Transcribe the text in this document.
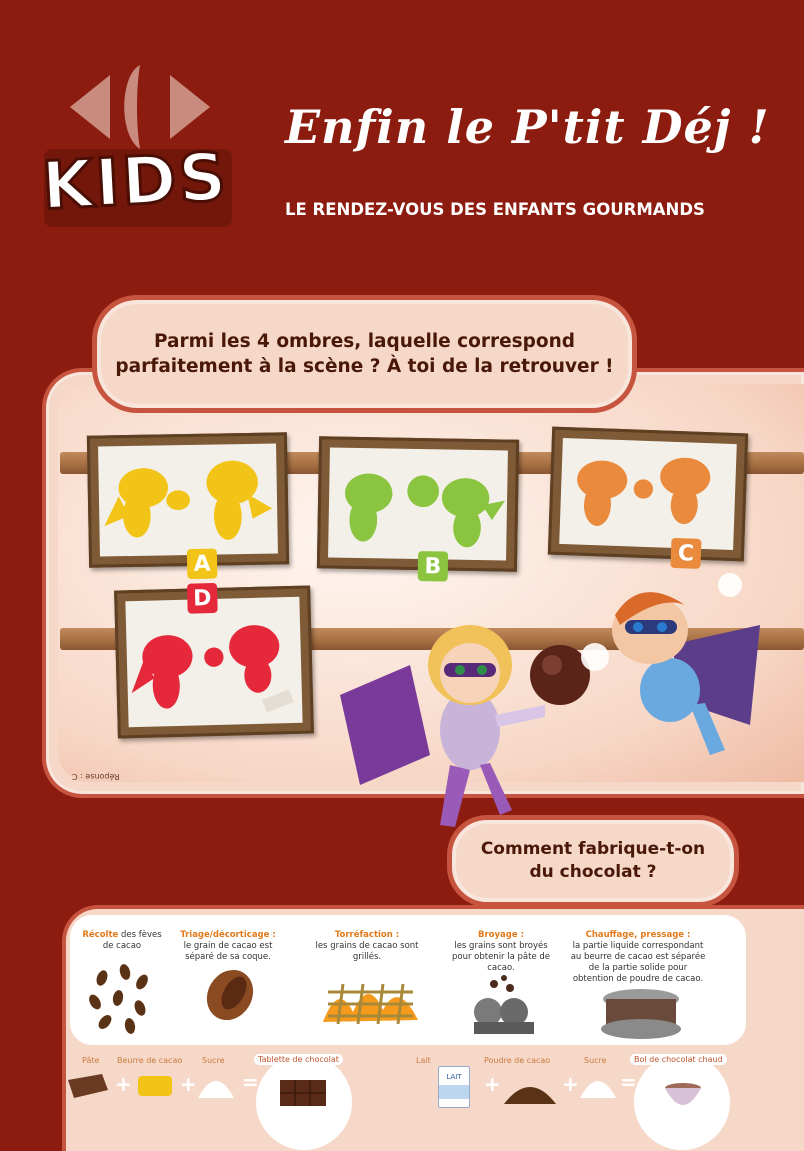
KIDS
Enfin le P'tit Déj !
LE RENDEZ-VOUS DES ENFANTS GOURMANDS
Parmi les 4 ombres, laquelle correspond parfaitement à la scène ? À toi de la retrouver !
A	B
C
D
Réponse : C
Comment fabrique-t-on du chocolat ?
Récolte des fèves de cacao
Triage/décorticage :
le grain de cacao est séparé de sa coque.
Torréfaction :
les grains de cacao sont grillés.
Broyage :
les grains sont broyés pour obtenir la pâte de cacao.
Chauffage, pressage :
la partie liquide correspondant au beurre de cacao est séparée de la partie solide pour obtention de poudre de cacao.
Pâte Beurre de cacao Sucre
+ + =
Tablette de chocolat	Lait	Poudre de cacao	Sucre
LAIT	+	+ =
Bol de chocolat chaud
